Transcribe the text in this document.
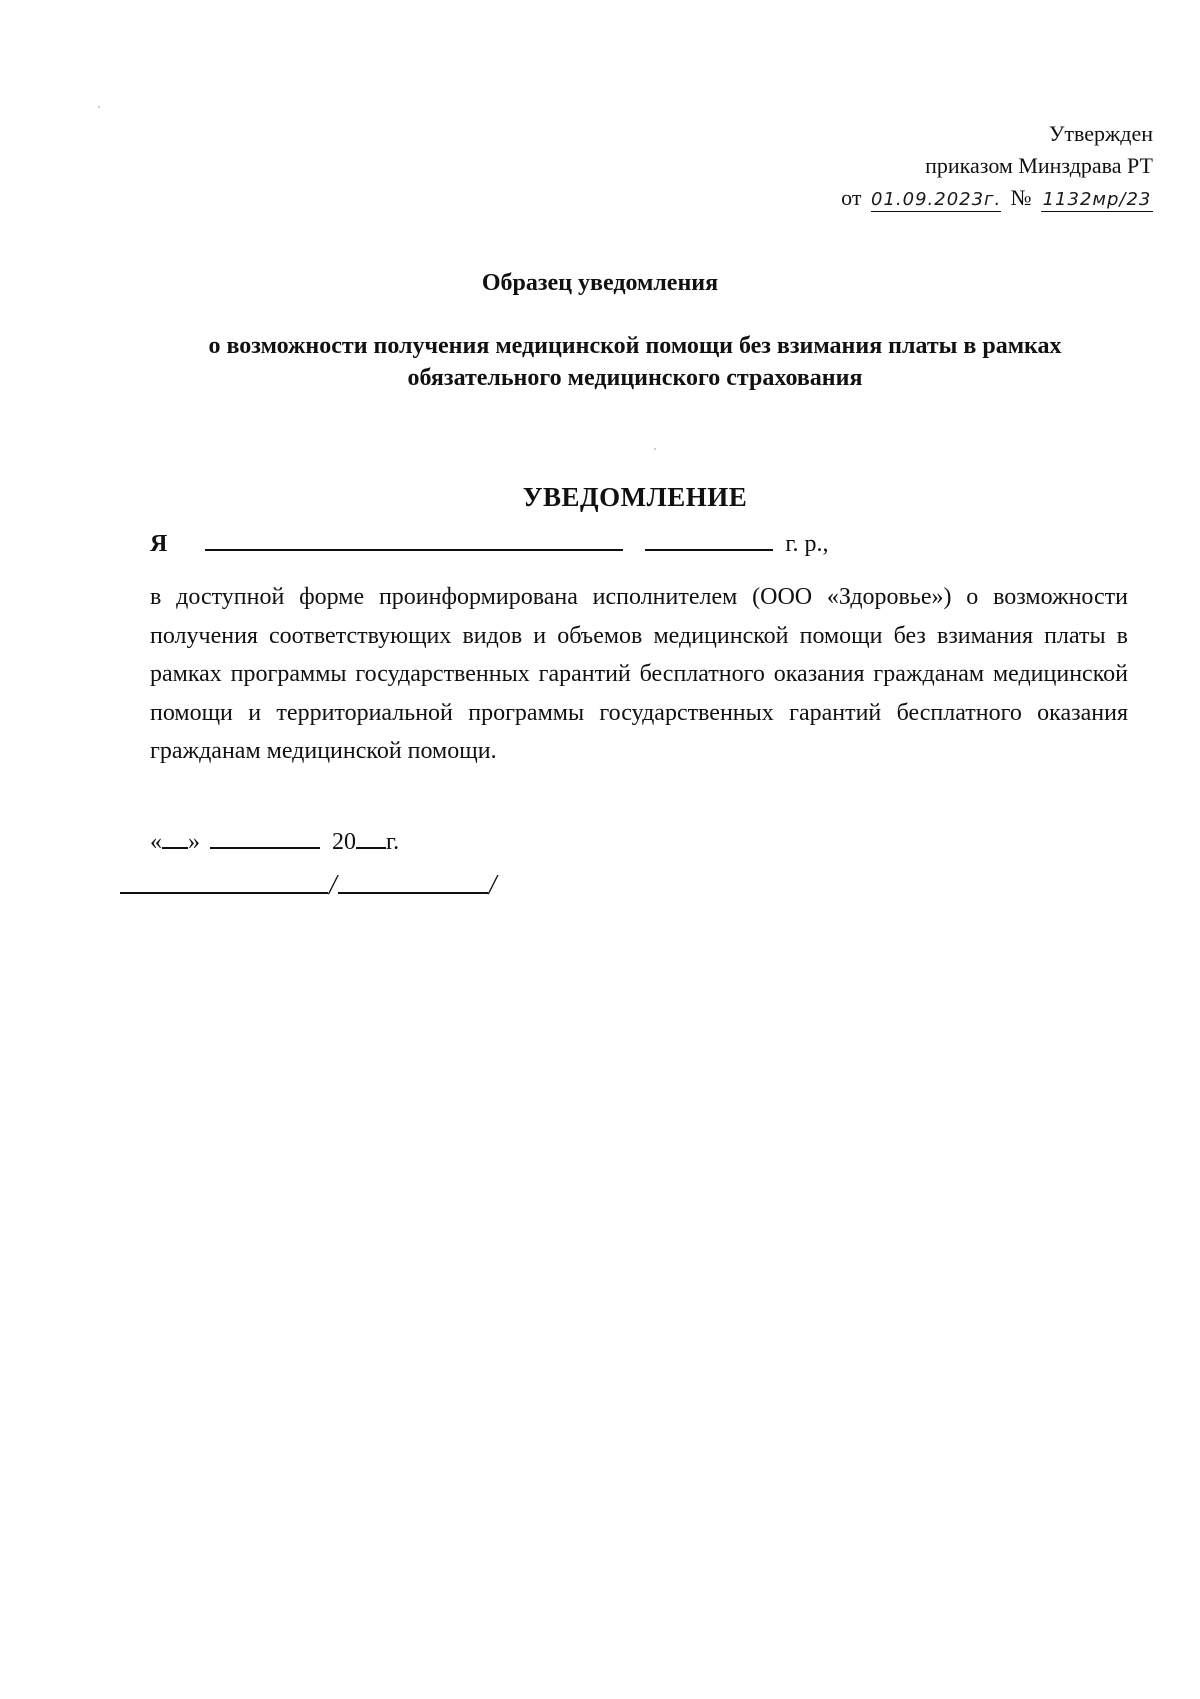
Утвержден
приказом Минздрава РТ
от 01.09.2023г. № 1132мр/23
Образец уведомления
о возможности получения медицинской помощи без взимания платы в рамках обязательного медицинского страхования
УВЕДОМЛЕНИЕ
Я	г. р.,
в доступной форме проинформирована исполнителем (ООО «Здоровье») о возможности получения соответствующих видов и объемов медицинской помощи без взимания платы в рамках программы государственных гарантий бесплатного оказания гражданам медицинской помощи и территориальной программы государственных гарантий бесплатного оказания гражданам медицинской помощи.
« »	20 г.
/	/
